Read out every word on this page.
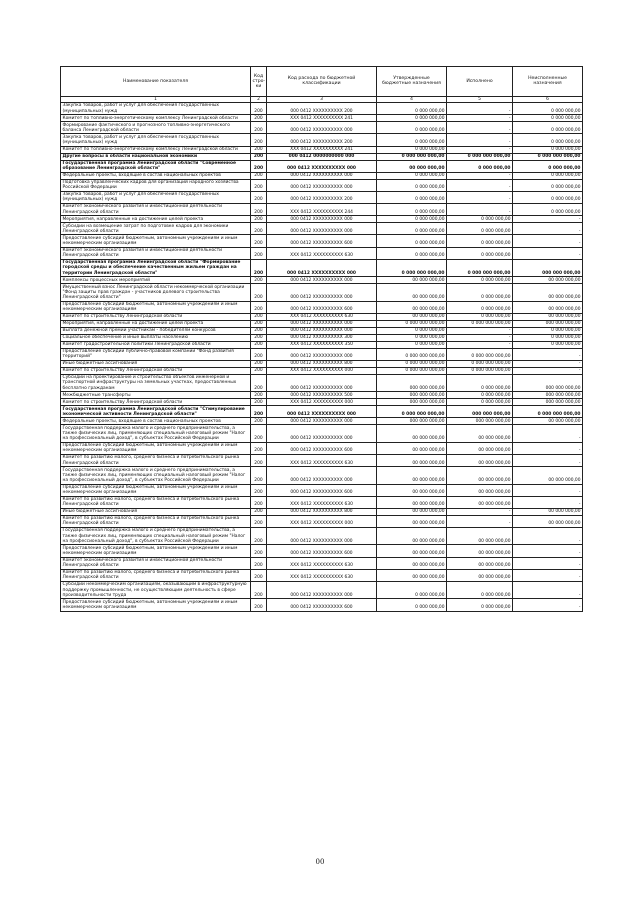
Наименование показателя	Код стро-ки	Код расхода по бюджетной классификации	Утвержденные бюджетные назначения	Исполнено	Неисполненные назначения
1	2	3	4	5	6
Закупка товаров, работ и услуг для обеспечения государственных (муниципальных) нужд	200	000 0412 ХХХХХХХХХХ 200	0 000 000,00	-	0 000 000,00
Комитет по топливно-энергетическому комплексу Ленинградской области	200	ХХХ 0412 ХХХХХХХХХХ 241	0 000 000,00	-	0 000 000,00
Формирование фактического и прогнозного топливно-энергетического баланса Ленинградской области	200	000 0412 ХХХХХХХХХХ 000	0 000 000,00	-	0 000 000,00
Закупка товаров, работ и услуг для обеспечения государственных (муниципальных) нужд	200	000 0412 ХХХХХХХХХХ 200	0 000 000,00	-	0 000 000,00
Комитет по топливно-энергетическому комплексу Ленинградской области	200	ХХХ 0412 ХХХХХХХХХХ 241	0 000 000,00	-	0 000 000,00
Другие вопросы в области национальной экономики	200	000 0412 0000000000 000	0 000 000 000,00	0 000 000 000,00	0 000 000 000,00
Государственная программа Ленинградской области "Современное образование Ленинградской области"	200	000 0412 ХХХХХХХХХХ 000	00 000 000,00	0 000 000,00	0 000 000,00
Федеральные проекты, входящие в состав национальных проектов	200	000 0412 ХХХХХХХХХХ 000	0 000 000,00	-	0 000 000,00
Подготовка управленческих кадров для организаций народного хозяйства Российской Федерации	200	000 0412 ХХХХХХХХХХ 000	0 000 000,00	-	0 000 000,00
Закупка товаров, работ и услуг для обеспечения государственных (муниципальных) нужд	200	000 0412 ХХХХХХХХХХ 200	0 000 000,00	-	0 000 000,00
Комитет экономического развития и инвестиционной деятельности Ленинградской области	200	ХХХ 0412 ХХХХХХХХХХ 244	0 000 000,00	-	0 000 000,00
Мероприятия, направленные на достижение целей проекта	200	000 0412 ХХХХХХХХХХ 000	0 000 000,00	0 000 000,00	-
Субсидии на возмещение затрат по подготовке кадров для экономики Ленинградской области	200	000 0412 ХХХХХХХХХХ 000	0 000 000,00	0 000 000,00	-
Предоставление субсидий бюджетным, автономным учреждениям и иным некоммерческим организациям	200	000 0412 ХХХХХХХХХХ 600	0 000 000,00	0 000 000,00	-
Комитет экономического развития и инвестиционной деятельности Ленинградской области	200	ХХХ 0412 ХХХХХХХХХХ 630	0 000 000,00	0 000 000,00	-
Государственная программа Ленинградской области "Формирование городской среды и обеспечение качественным жильем граждан на территории Ленинградской области"	200	000 0412 ХХХХХХХХХХ 000	0 000 000 000,00	0 000 000 000,00	000 000 000,00
Комплексы процессных мероприятий	200	000 0412 ХХХХХХХХХХ 000	00 000 000,00	0 000 000,00	00 000 000,00
Имущественный взнос Ленинградской области некоммерческой организации "Фонд защиты прав граждан - участников долевого строительства Ленинградской области"	200	000 0412 ХХХХХХХХХХ 000	00 000 000,00	0 000 000,00	00 000 000,00
Предоставление субсидий бюджетным, автономным учреждениям и иным некоммерческим организациям	200	000 0412 ХХХХХХХХХХ 600	00 000 000,00	0 000 000,00	00 000 000,00
Комитет по строительству Ленинградской области	200	ХХХ 0412 ХХХХХХХХХХ 630	00 000 000,00	0 000 000,00	00 000 000,00
Мероприятия, направленные на достижение целей проекта	200	000 0412 ХХХХХХХХХХ 000	0 000 000 000,00	0 000 000 000,00	000 000 000,00
Выплата денежной премии участникам - победителям конкурсов	200	000 0412 ХХХХХХХХХХ 000	0 000 000,00	-	0 000 000,00
Социальное обеспечение и иные выплаты населению	200	000 0412 ХХХХХХХХХХ 300	0 000 000,00	-	0 000 000,00
Комитет градостроительной политики Ленинградской области	200	ХХХ 0412 ХХХХХХХХХХ 350	0 000 000,00	-	0 000 000,00
Предоставление субсидии публично-правовой компании "Фонд развития территорий"	200	000 0412 ХХХХХХХХХХ 000	0 000 000 000,00	0 000 000 000,00	-
Иные бюджетные ассигнования	200	000 0412 ХХХХХХХХХХ 800	0 000 000 000,00	0 000 000 000,00	-
Комитет по строительству Ленинградской области	200	ХХХ 0412 ХХХХХХХХХХ 000	0 000 000 000,00	0 000 000 000,00	-
Субсидии на проектирование и строительство объектов инженерной и транспортной инфраструктуры на земельных участках, предоставленных бесплатно гражданам	200	000 0412 ХХХХХХХХХХ 000	000 000 000,00	0 000 000,00	000 000 000,00
Межбюджетные трансферты	200	000 0412 ХХХХХХХХХХ 500	000 000 000,00	0 000 000,00	000 000 000,00
Комитет по строительству Ленинградской области	200	ХХХ 0412 ХХХХХХХХХХ 000	000 000 000,00	0 000 000,00	000 000 000,00
Государственная программа Ленинградской области "Стимулирование экономической активности Ленинградской области"	200	000 0412 ХХХХХХХХХХ 000	0 000 000 000,00	000 000 000,00	0 000 000 000,00
Федеральные проекты, входящие в состав национальных проектов	200	000 0412 ХХХХХХХХХХ 000	000 000 000,00	000 000 000,00	00 000 000,00
Государственная поддержка малого и среднего предпринимательства, а также физических лиц, применяющих специальный налоговый режим "Налог на профессиональный доход", в субъектах Российской Федерации	200	000 0412 ХХХХХХХХХХ 000	00 000 000,00	00 000 000,00	-
Предоставление субсидий бюджетным, автономным учреждениям и иным некоммерческим организациям	200	000 0412 ХХХХХХХХХХ 600	00 000 000,00	00 000 000,00	-
Комитет по развитию малого, среднего бизнеса и потребительского рынка Ленинградской области	200	ХХХ 0412 ХХХХХХХХХХ 630	00 000 000,00	00 000 000,00	-
Государственная поддержка малого и среднего предпринимательства, а также физических лиц, применяющих специальный налоговый режим "Налог на профессиональный доход", в субъектах Российской Федерации	200	000 0412 ХХХХХХХХХХ 000	00 000 000,00	00 000 000,00	00 000 000,00
Предоставление субсидий бюджетным, автономным учреждениям и иным некоммерческим организациям	200	000 0412 ХХХХХХХХХХ 600	00 000 000,00	00 000 000,00	-
Комитет по развитию малого, среднего бизнеса и потребительского рынка Ленинградской области	200	ХХХ 0412 ХХХХХХХХХХ 630	00 000 000,00	00 000 000,00	-
Иные бюджетные ассигнования	200	000 0412 ХХХХХХХХХХ 800	00 000 000,00	-	00 000 000,00
Комитет по развитию малого, среднего бизнеса и потребительского рынка Ленинградской области	200	ХХХ 0412 ХХХХХХХХХХ 000	00 000 000,00	-	00 000 000,00
Государственная поддержка малого и среднего предпринимательства, а также физических лиц, применяющих специальный налоговый режим "Налог на профессиональный доход", в субъектах Российской Федерации	200	000 0412 ХХХХХХХХХХ 000	00 000 000,00	00 000 000,00	-
Предоставление субсидий бюджетным, автономным учреждениям и иным некоммерческим организациям	200	000 0412 ХХХХХХХХХХ 600	00 000 000,00	00 000 000,00	-
Комитет экономического развития и инвестиционной деятельности Ленинградской области	200	ХХХ 0412 ХХХХХХХХХХ 630	00 000 000,00	00 000 000,00	-
Комитет по развитию малого, среднего бизнеса и потребительского рынка Ленинградской области	200	ХХХ 0412 ХХХХХХХХХХ 630	00 000 000,00	00 000 000,00	-
Субсидии некоммерческим организациям, оказывающим в инфраструктурную поддержку промышленности, не осуществляющим деятельность в сфере производительности труда	200	000 0412 ХХХХХХХХХХ 000	0 000 000,00	0 000 000,00	-
Предоставление субсидий бюджетным, автономным учреждениям и иным некоммерческим организациям	200	000 0412 ХХХХХХХХХХ 600	0 000 000,00	0 000 000,00	-
00
